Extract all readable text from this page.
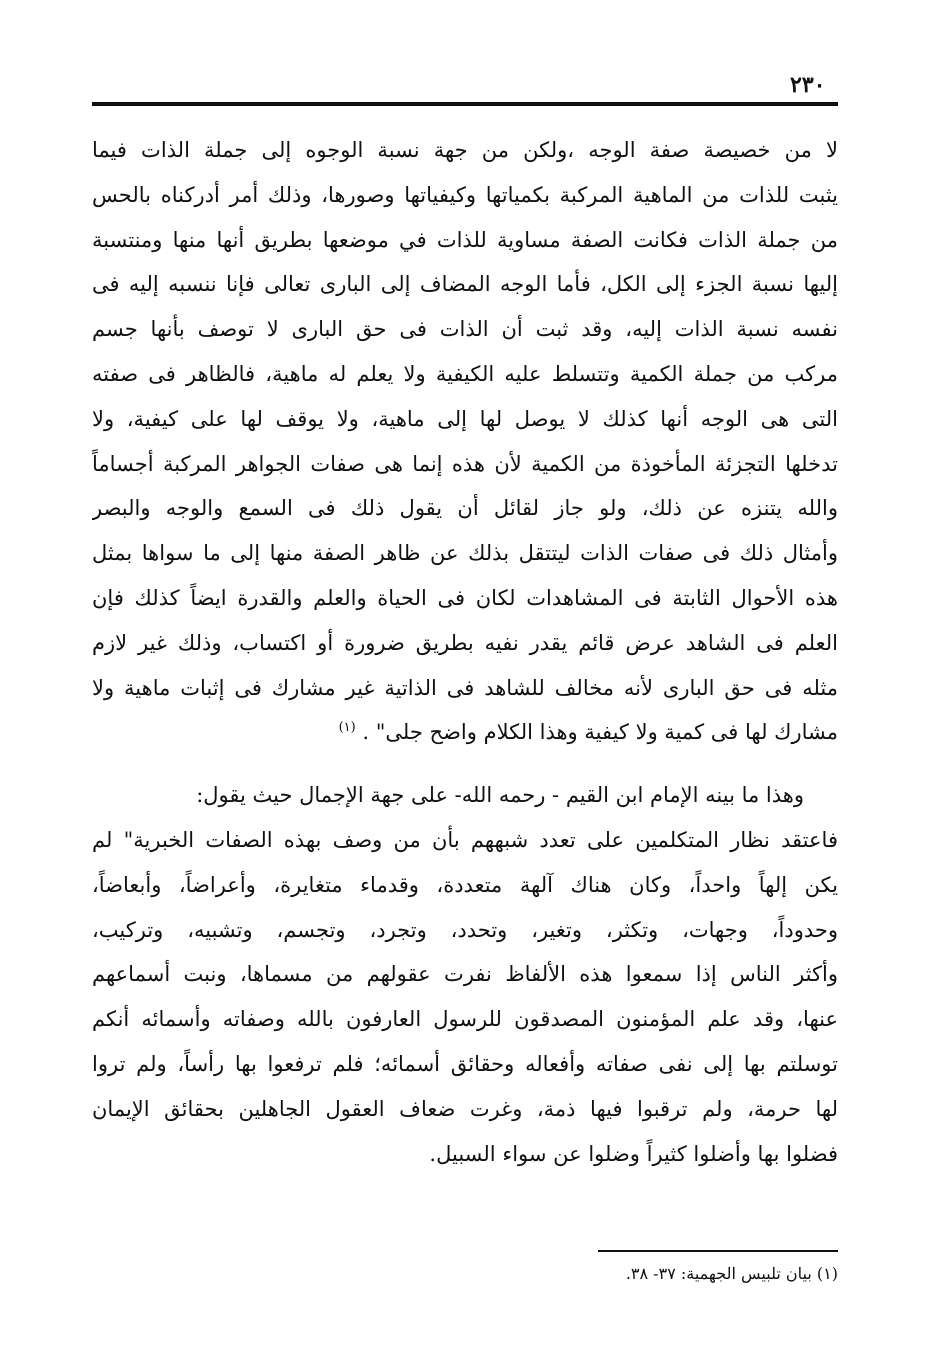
٢٣٠
لا من خصيصة صفة الوجه ،ولكن من جهة نسبة الوجوه إلى جملة الذات فيما
يثبت للذات من الماهية المركبة بكمياتها وكيفياتها وصورها، وذلك أمر أدركناه بالحس
من جملة الذات فكانت الصفة مساوية للذات في موضعها بطريق أنها منها ومنتسبة
إليها نسبة الجزء إلى الكل، فأما الوجه المضاف إلى البارى تعالى فإنا ننسبه إليه فى
نفسه نسبة الذات إليه، وقد ثبت أن الذات فى حق البارى لا توصف بأنها جسم
مركب من جملة الكمية وتتسلط عليه الكيفية ولا يعلم له ماهية، فالظاهر فى صفته
التى هى الوجه أنها كذلك لا يوصل لها إلى ماهية، ولا يوقف لها على كيفية، ولا
تدخلها التجزئة المأخوذة من الكمية لأن هذه إنما هى صفات الجواهر المركبة أجساماً
والله يتنزه عن ذلك، ولو جاز لقائل أن يقول ذلك فى السمع والوجه والبصر
وأمثال ذلك فى صفات الذات ليتتقل بذلك عن ظاهر الصفة منها إلى ما سواها بمثل
هذه الأحوال الثابتة فى المشاهدات لكان فى الحياة والعلم والقدرة ايضاً كذلك فإن
العلم فى الشاهد عرض قائم يقدر نفيه بطريق ضرورة أو اكتساب، وذلك غير لازم
مثله فى حق البارى لأنه مخالف للشاهد فى الذاتية غير مشارك فى إثبات ماهية ولا
مشارك لها فى كمية ولا كيفية وهذا الكلام واضح جلى" . $^{(١)}$
وهذا ما بينه الإمام ابن القيم - رحمه الله- على جهة الإجمال حيث يقول:
فاعتقد نظار المتكلمين على تعدد شبههم بأن من وصف بهذه الصفات الخبرية" لم
يكن إلهاً واحداً، وكان هناك آلهة متعددة، وقدماء متغايرة، وأعراضاً، وأبعاضاً،
وحدوداً، وجهات، وتكثر، وتغير، وتحدد، وتجرد، وتجسم، وتشبيه، وتركيب،
وأكثر الناس إذا سمعوا هذه الألفاظ نفرت عقولهم من مسماها، ونبت أسماعهم
عنها، وقد علم المؤمنون المصدقون للرسول العارفون بالله وصفاته وأسمائه أنكم
توسلتم بها إلى نفى صفاته وأفعاله وحقائق أسمائه؛ فلم ترفعوا بها رأساً، ولم تروا
لها حرمة، ولم ترقبوا فيها ذمة، وغرت ضعاف العقول الجاهلين بحقائق الإيمان
فضلوا بها وأضلوا كثيراً وضلوا عن سواء السبيل.
(١) بيان تلبيس الجهمية: ٣٧- ٣٨.
